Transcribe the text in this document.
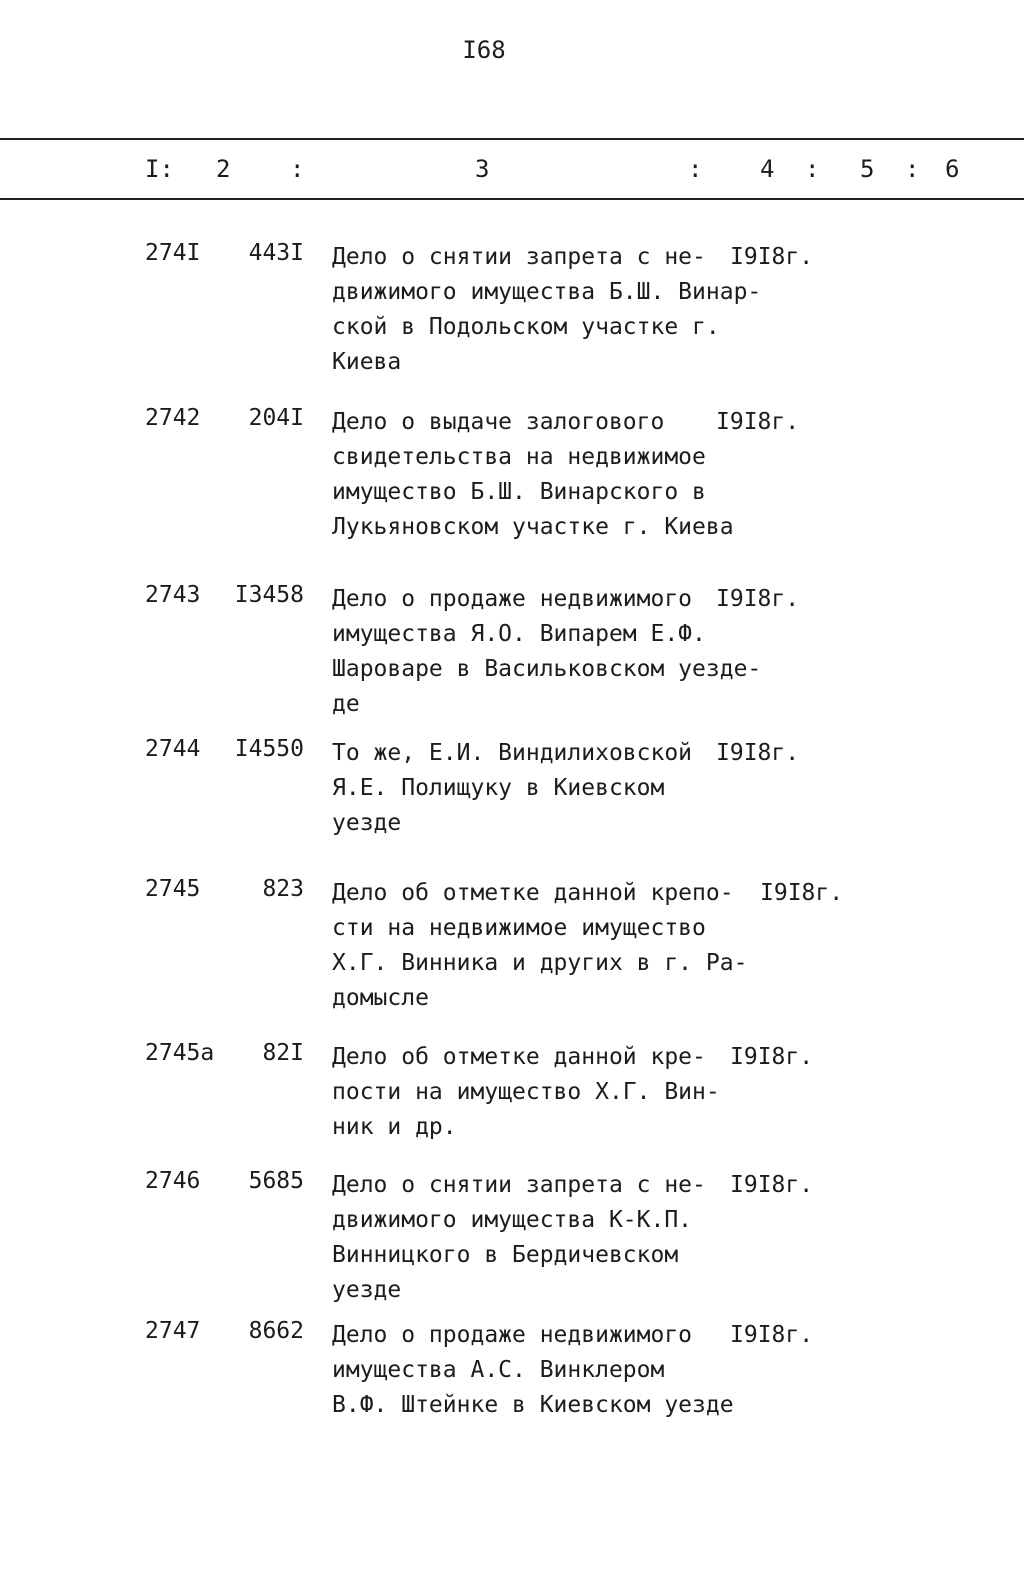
I68
I: 2 :	3	: 4 : 5 : 6
274I 443I Дело о снятии запрета с не-
движимого имущества Б.Ш. Винар-
ской в Подольском участке г.
Киева
I9I8г.
2742 204I Дело о выдаче залогового
свидетельства на недвижимое
имущество Б.Ш. Винарского в
Лукьяновском участке г. Киева
I9I8г.
2743 I3458 Дело о продаже недвижимого
имущества Я.О. Випарем Е.Ф.
Шароваре в Васильковском уезде-
де
I9I8г.
2744 I4550 То же, Е.И. Виндилиховской
Я.Е. Полищуку в Киевском
уезде
I9I8г.
2745	823 Дело об отметке данной крепо-
сти на недвижимое имущество
Х.Г. Винника и других в г. Ра-
домысле
I9I8г.
2745а 82I Дело об отметке данной кре-
пости на имущество Х.Г. Вин-
ник и др.
I9I8г.
2746 5685 Дело о снятии запрета с не-
движимого имущества К-К.П.
Винницкого в Бердичевском
уезде
I9I8г.
2747 8662 Дело о продаже недвижимого
имущества А.С. Винклером
В.Ф. Штейнке в Киевском уезде
I9I8г.
